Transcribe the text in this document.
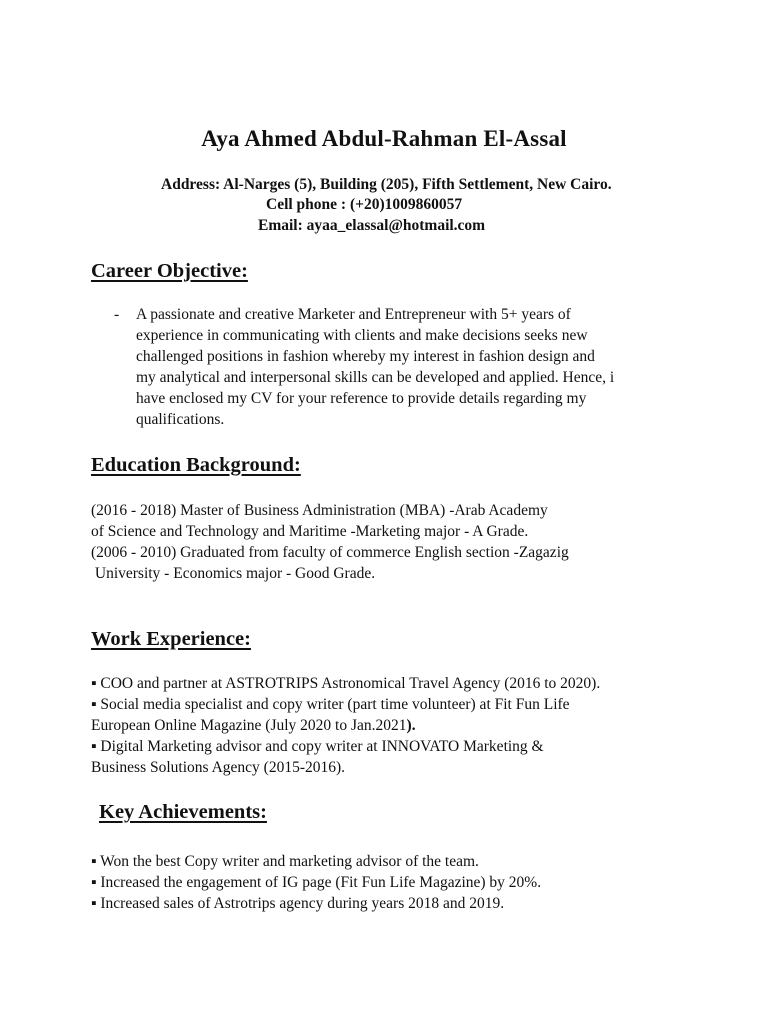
Aya Ahmed Abdul-Rahman El-Assal
Address: Al-Narges (5), Building (205), Fifth Settlement, New Cairo.
Cell phone : (+20)1009860057
Email: ayaa_elassal@hotmail.com
Career Objective:
- A passionate and creative Marketer and Entrepreneur with 5+ years of
experience in communicating with clients and make decisions seeks new
challenged positions in fashion whereby my interest in fashion design and
my analytical and interpersonal skills can be developed and applied. Hence, i
have enclosed my CV for your reference to provide details regarding my
qualifications.
Education Background:
(2016 - 2018) Master of Business Administration (MBA) -Arab Academy
of Science and Technology and Maritime -Marketing major - A Grade.
(2006 - 2010) Graduated from faculty of commerce English section -Zagazig
University - Economics major - Good Grade.
Work Experience:
▪ COO and partner at ASTROTRIPS Astronomical Travel Agency (2016 to 2020).
▪ Social media specialist and copy writer (part time volunteer) at Fit Fun Life
European Online Magazine (July 2020 to Jan.2021).
▪ Digital Marketing advisor and copy writer at INNOVATO Marketing &
Business Solutions Agency (2015-2016).
Key Achievements:
▪ Won the best Copy writer and marketing advisor of the team.
▪ Increased the engagement of IG page (Fit Fun Life Magazine) by 20%.
▪ Increased sales of Astrotrips agency during years 2018 and 2019.
